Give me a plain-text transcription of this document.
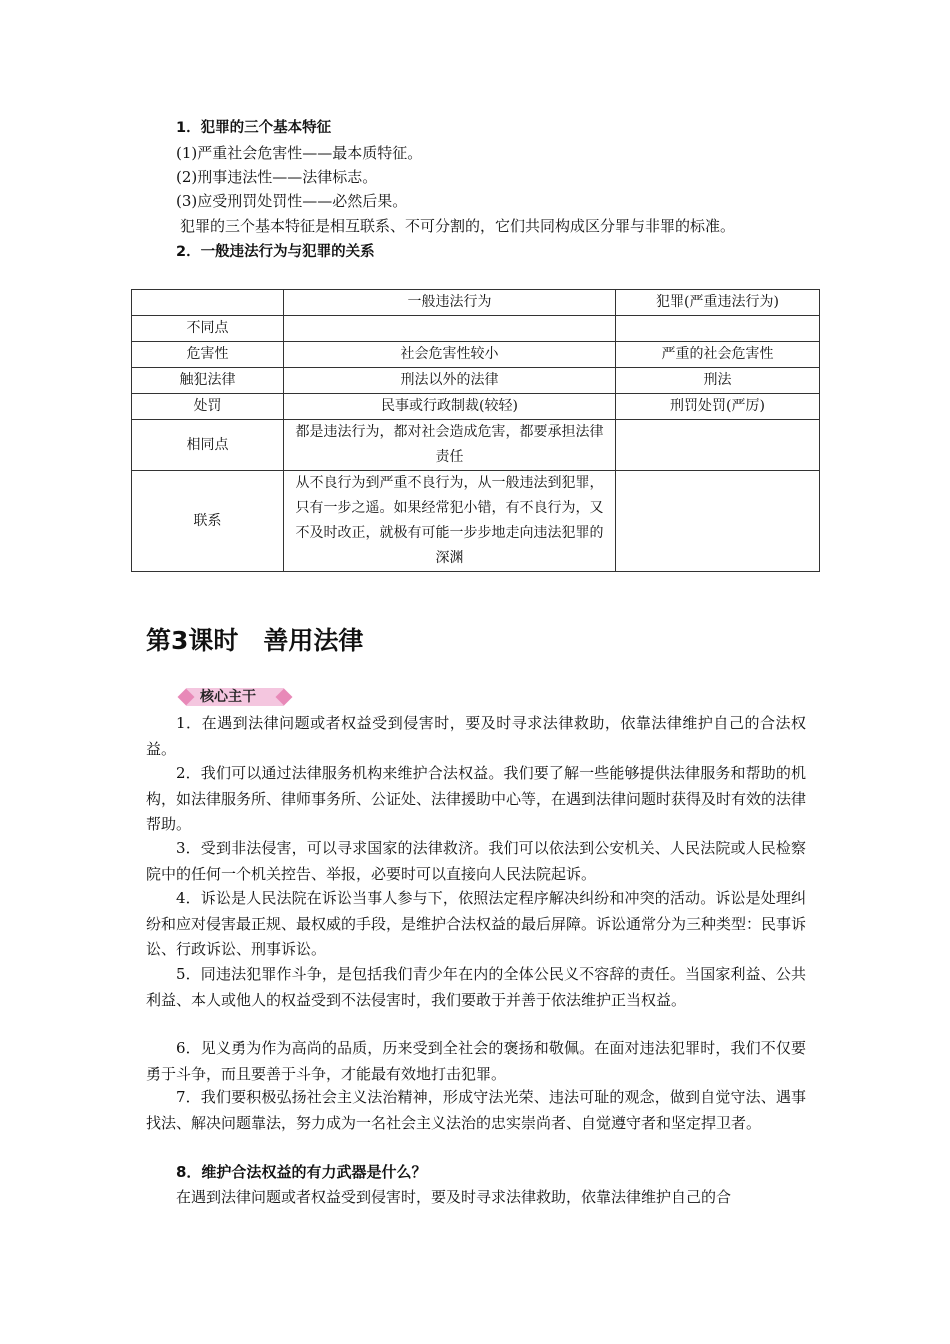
1．犯罪的三个基本特征
(1)严重社会危害性——最本质特征。
(2)刑事违法性——法律标志。
(3)应受刑罚处罚性——必然后果。
犯罪的三个基本特征是相互联系、不可分割的，它们共同构成区分罪与非罪的标准。
2．一般违法行为与犯罪的关系
	一般违法行为	犯罪(严重违法行为)
不同点		
危害性	社会危害性较小	严重的社会危害性
触犯法律	刑法以外的法律	刑法
处罚	民事或行政制裁(较轻)	刑罚处罚(严厉)
相同点	都是违法行为，都对社会造成危害，都要承担法律责任	
联系	从不良行为到严重不良行为，从一般违法到犯罪，只有一步之遥。如果经常犯小错，有不良行为，又不及时改正，就极有可能一步步地走向违法犯罪的深渊	
第3课时　善用法律
核心主干
1．在遇到法律问题或者权益受到侵害时，要及时寻求法律救助，依靠法律维护自己的合法权益。
2．我们可以通过法律服务机构来维护合法权益。我们要了解一些能够提供法律服务和帮助的机构，如法律服务所、律师事务所、公证处、法律援助中心等，在遇到法律问题时获得及时有效的法律帮助。
3．受到非法侵害，可以寻求国家的法律救济。我们可以依法到公安机关、人民法院或人民检察院中的任何一个机关控告、举报，必要时可以直接向人民法院起诉。
4．诉讼是人民法院在诉讼当事人参与下，依照法定程序解决纠纷和冲突的活动。诉讼是处理纠纷和应对侵害最正规、最权威的手段，是维护合法权益的最后屏障。诉讼通常分为三种类型：民事诉讼、行政诉讼、刑事诉讼。
5．同违法犯罪作斗争，是包括我们青少年在内的全体公民义不容辞的责任。当国家利益、公共利益、本人或他人的权益受到不法侵害时，我们要敢于并善于依法维护正当权益。
6．见义勇为作为高尚的品质，历来受到全社会的褒扬和敬佩。在面对违法犯罪时，我们不仅要勇于斗争，而且要善于斗争，才能最有效地打击犯罪。
7．我们要积极弘扬社会主义法治精神，形成守法光荣、违法可耻的观念，做到自觉守法、遇事找法、解决问题靠法，努力成为一名社会主义法治的忠实崇尚者、自觉遵守者和坚定捍卫者。
8．维护合法权益的有力武器是什么？
在遇到法律问题或者权益受到侵害时，要及时寻求法律救助，依靠法律维护自己的合
